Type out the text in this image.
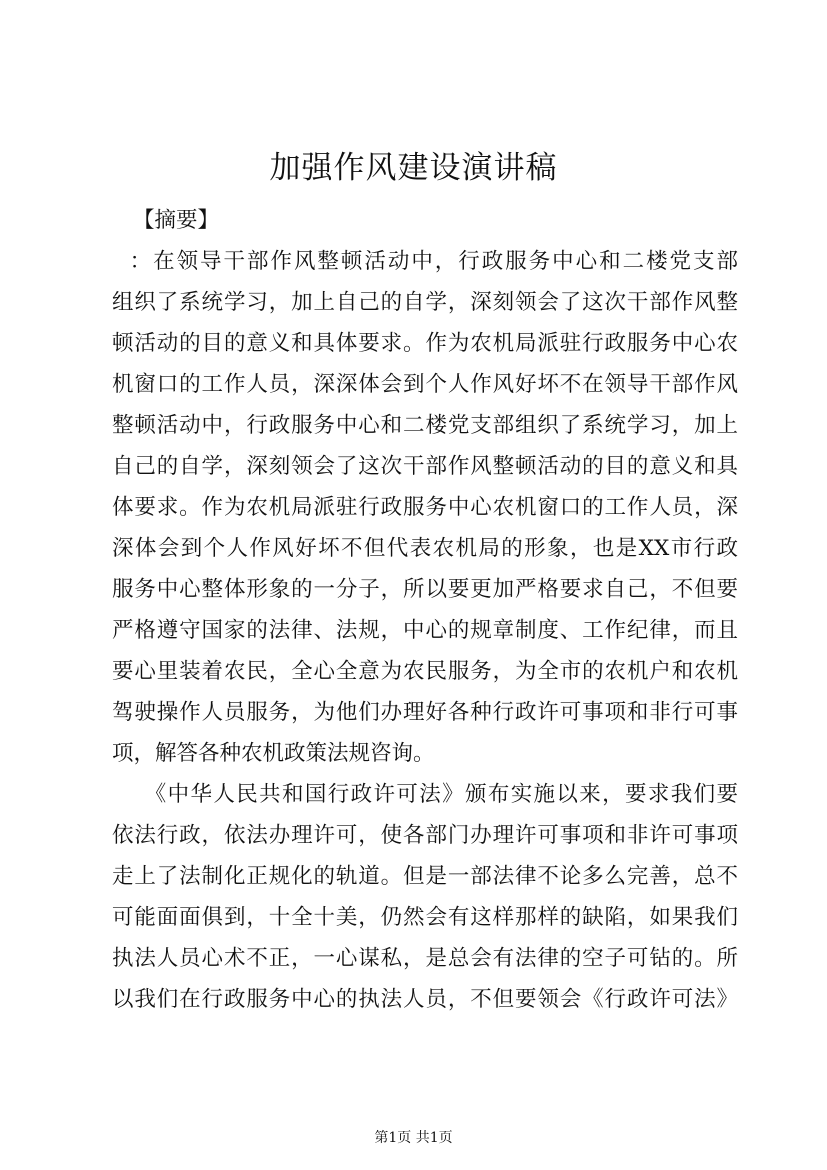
加强作风建设演讲稿
【摘要】
：在领导干部作风整顿活动中，行政服务中心和二楼党支部
组织了系统学习，加上自己的自学，深刻领会了这次干部作风整
顿活动的目的意义和具体要求。作为农机局派驻行政服务中心农
机窗口的工作人员，深深体会到个人作风好坏不在领导干部作风
整顿活动中，行政服务中心和二楼党支部组织了系统学习，加上
自己的自学，深刻领会了这次干部作风整顿活动的目的意义和具
体要求。作为农机局派驻行政服务中心农机窗口的工作人员，深
深体会到个人作风好坏不但代表农机局的形象，也是XX市行政
服务中心整体形象的一分子，所以要更加严格要求自己，不但要
严格遵守国家的法律、法规，中心的规章制度、工作纪律，而且
要心里装着农民，全心全意为农民服务，为全市的农机户和农机
驾驶操作人员服务，为他们办理好各种行政许可事项和非行可事
项，解答各种农机政策法规咨询。
《中华人民共和国行政许可法》颁布实施以来，要求我们要
依法行政，依法办理许可，使各部门办理许可事项和非许可事项
走上了法制化正规化的轨道。但是一部法律不论多么完善，总不
可能面面俱到，十全十美，仍然会有这样那样的缺陷，如果我们
执法人员心术不正，一心谋私，是总会有法律的空子可钻的。所
以我们在行政服务中心的执法人员，不但要领会《行政许可法》
第1页 共1页
